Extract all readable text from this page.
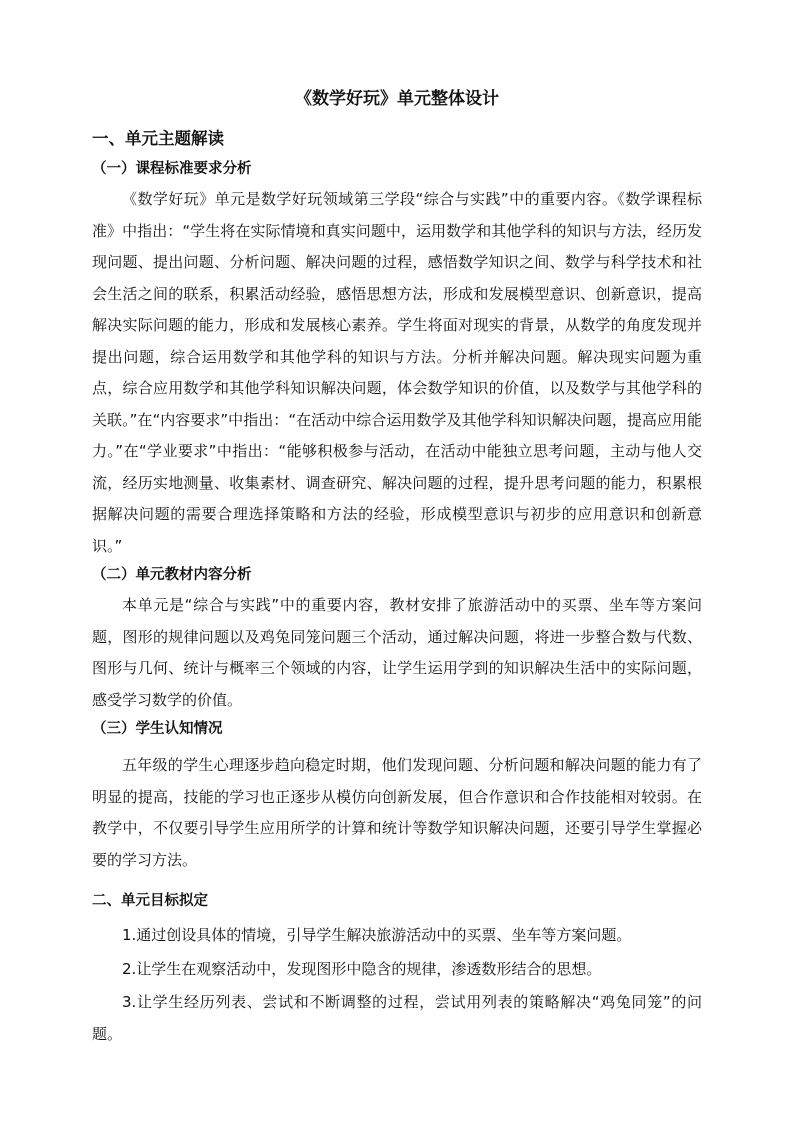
《数学好玩》单元整体设计
一、单元主题解读
（一）课程标准要求分析
《数学好玩》单元是数学好玩领域第三学段“综合与实践”中的重要内容。《数学课程标准》中指出：“学生将在实际情境和真实问题中，运用数学和其他学科的知识与方法，经历发现问题、提出问题、分析问题、解决问题的过程，感悟数学知识之间、数学与科学技术和社会生活之间的联系，积累活动经验，感悟思想方法，形成和发展模型意识、创新意识，提高解决实际问题的能力，形成和发展核心素养。学生将面对现实的背景，从数学的角度发现并提出问题，综合运用数学和其他学科的知识与方法。分析并解决问题。解决现实问题为重点，综合应用数学和其他学科知识解决问题，体会数学知识的价值，以及数学与其他学科的关联。”在“内容要求”中指出：“在活动中综合运用数学及其他学科知识解决问题，提高应用能力。”在“学业要求”中指出：“能够积极参与活动，在活动中能独立思考问题，主动与他人交流，经历实地测量、收集素材、调查研究、解决问题的过程，提升思考问题的能力，积累根据解决问题的需要合理选择策略和方法的经验，形成模型意识与初步的应用意识和创新意识。”
（二）单元教材内容分析
本单元是“综合与实践”中的重要内容，教材安排了旅游活动中的买票、坐车等方案问题，图形的规律问题以及鸡兔同笼问题三个活动，通过解决问题，将进一步整合数与代数、图形与几何、统计与概率三个领域的内容，让学生运用学到的知识解决生活中的实际问题，感受学习数学的价值。
（三）学生认知情况
五年级的学生心理逐步趋向稳定时期，他们发现问题、分析问题和解决问题的能力有了明显的提高，技能的学习也正逐步从模仿向创新发展，但合作意识和合作技能相对较弱。在教学中，不仅要引导学生应用所学的计算和统计等数学知识解决问题，还要引导学生掌握必要的学习方法。
二、单元目标拟定
1.通过创设具体的情境，引导学生解决旅游活动中的买票、坐车等方案问题。
2.让学生在观察活动中，发现图形中隐含的规律，渗透数形结合的思想。
3.让学生经历列表、尝试和不断调整的过程，尝试用列表的策略解决“鸡兔同笼”的问题。
